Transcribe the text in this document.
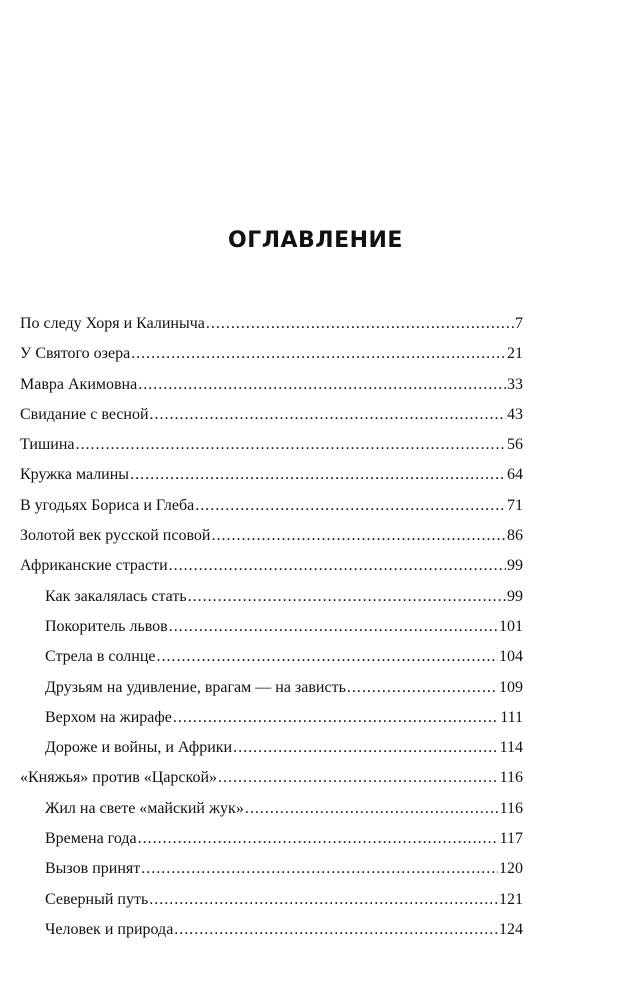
ОГЛАВЛЕНИЕ
По следу Хоря и Калиныча .....	7
У Святого озера .....	21
Мавра Акимовна .....	33
Свидание с весной .....	43
Тишина .....	56
Кружка малины .....	64
В угодьях Бориса и Глеба .....	71
Золотой век русской псовой .....	86
Африканские страсти .....	99
Как закалялась стать .....	99
Покоритель львов .....	101
Стрела в солнце .....	104
Друзьям на удивление, врагам — на зависть .....	109
Верхом на жирафе .....	111
Дороже и войны, и Африки .....	114
«Княжья» против «Царской» .....	116
Жил на свете «майский жук» .....	116
Времена года .....	117
Вызов принят .....	120
Северный путь .....	121
Человек и природа .....	124
